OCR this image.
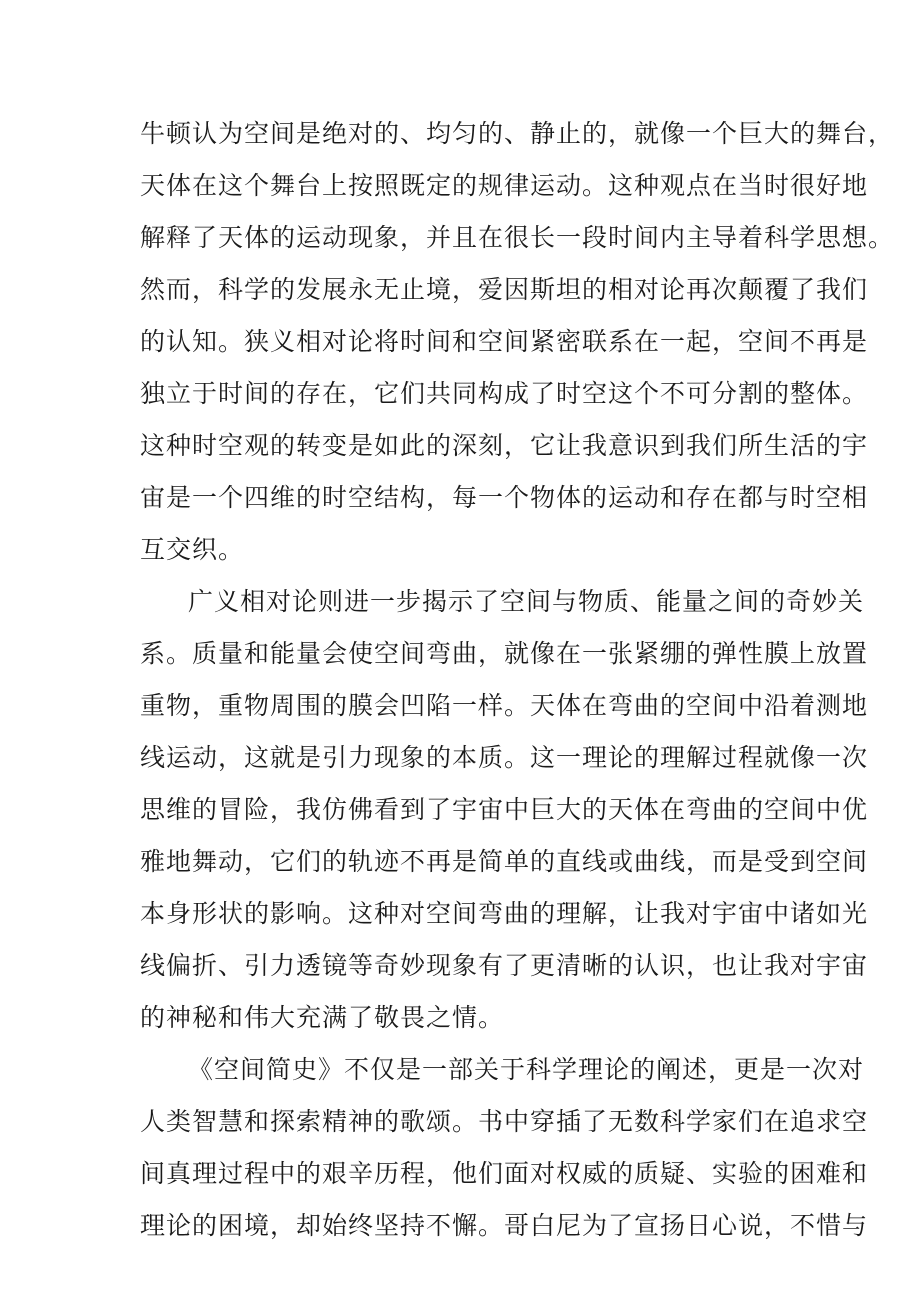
牛顿认为空间是绝对的、均匀的、静止的，就像一个巨大的舞台，
天体在这个舞台上按照既定的规律运动。这种观点在当时很好地
解释了天体的运动现象，并且在很长一段时间内主导着科学思想。
然而，科学的发展永无止境，爱因斯坦的相对论再次颠覆了我们
的认知。狭义相对论将时间和空间紧密联系在一起，空间不再是
独立于时间的存在，它们共同构成了时空这个不可分割的整体。
这种时空观的转变是如此的深刻，它让我意识到我们所生活的宇
宙是一个四维的时空结构，每一个物体的运动和存在都与时空相
互交织。
广义相对论则进一步揭示了空间与物质、能量之间的奇妙关
系。质量和能量会使空间弯曲，就像在一张紧绷的弹性膜上放置
重物，重物周围的膜会凹陷一样。天体在弯曲的空间中沿着测地
线运动，这就是引力现象的本质。这一理论的理解过程就像一次
思维的冒险，我仿佛看到了宇宙中巨大的天体在弯曲的空间中优
雅地舞动，它们的轨迹不再是简单的直线或曲线，而是受到空间
本身形状的影响。这种对空间弯曲的理解，让我对宇宙中诸如光
线偏折、引力透镜等奇妙现象有了更清晰的认识，也让我对宇宙
的神秘和伟大充满了敬畏之情。
《空间简史》不仅是一部关于科学理论的阐述，更是一次对
人类智慧和探索精神的歌颂。书中穿插了无数科学家们在追求空
间真理过程中的艰辛历程，他们面对权威的质疑、实验的困难和
理论的困境，却始终坚持不懈。哥白尼为了宣扬日心说，不惜与
